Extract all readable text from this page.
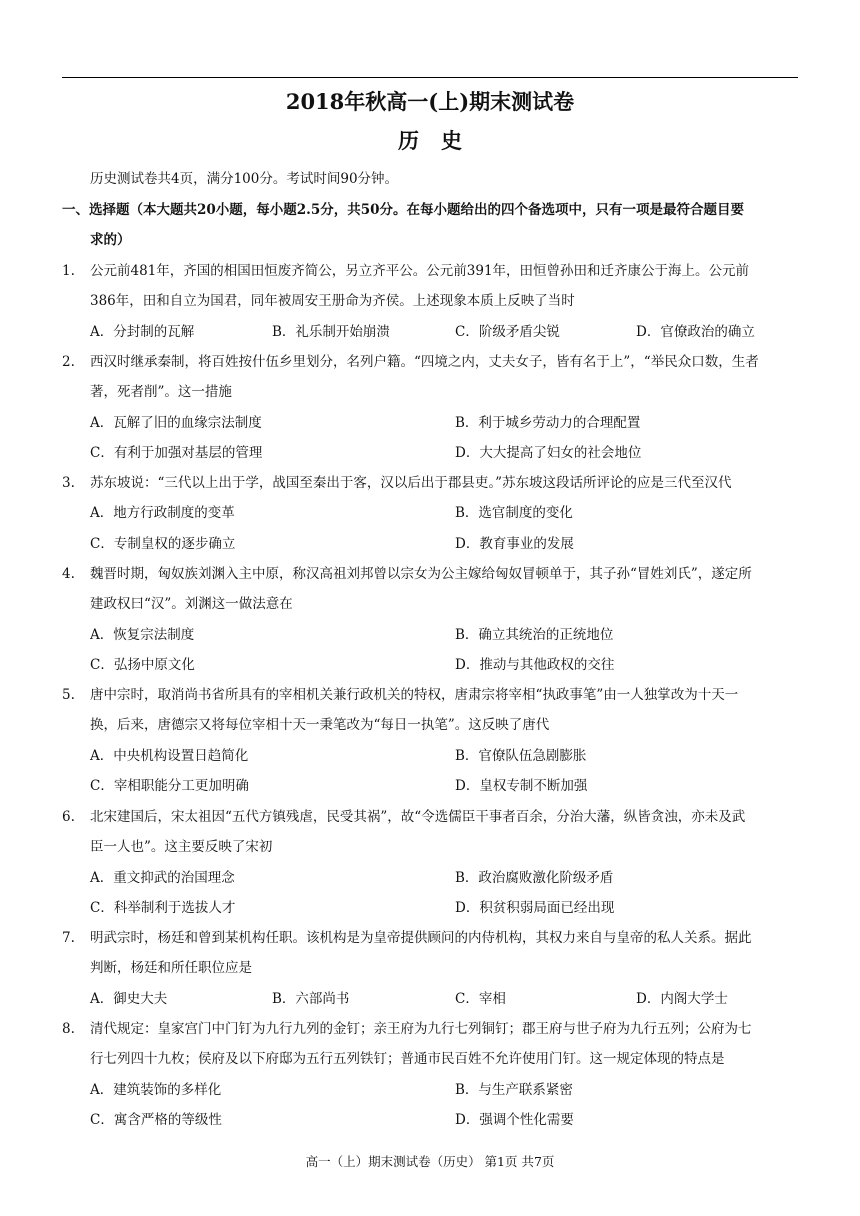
2018年秋高一(上)期末测试卷
历史
历史测试卷共4页，满分100分。考试时间90分钟。
一、选择题（本大题共20小题，每小题2.5分，共50分。在每小题给出的四个备选项中，只有一项是最符合题目要
求的）
1. 公元前481年，齐国的相国田恒废齐简公，另立齐平公。公元前391年，田恒曾孙田和迁齐康公于海上。公元前
386年，田和自立为国君，同年被周安王册命为齐侯。上述现象本质上反映了当时
A．分封制的瓦解	B．礼乐制开始崩溃	C．阶级矛盾尖锐	D．官僚政治的确立
2. 西汉时继承秦制，将百姓按什伍乡里划分，名列户籍。“四境之内，丈夫女子，皆有名于上”，“举民众口数，生者
著，死者削”。这一措施
A．瓦解了旧的血缘宗法制度	B．利于城乡劳动力的合理配置
C．有利于加强对基层的管理	D．大大提高了妇女的社会地位
3. 苏东坡说：“三代以上出于学，战国至秦出于客，汉以后出于郡县吏。”苏东坡这段话所评论的应是三代至汉代
A．地方行政制度的变革	B．选官制度的变化
C．专制皇权的逐步确立	D．教育事业的发展
4. 魏晋时期，匈奴族刘渊入主中原，称汉高祖刘邦曾以宗女为公主嫁给匈奴冒顿单于，其子孙“冒姓刘氏”，遂定所
建政权曰“汉”。刘渊这一做法意在
A．恢复宗法制度	B．确立其统治的正统地位
C．弘扬中原文化	D．推动与其他政权的交往
5. 唐中宗时，取消尚书省所具有的宰相机关兼行政机关的特权，唐肃宗将宰相“执政事笔”由一人独掌改为十天一
换，后来，唐德宗又将每位宰相十天一秉笔改为“每日一执笔”。这反映了唐代
A．中央机构设置日趋简化	B．官僚队伍急剧膨胀
C．宰相职能分工更加明确	D．皇权专制不断加强
6. 北宋建国后，宋太祖因“五代方镇残虐，民受其祸”，故“令选儒臣干事者百余，分治大藩，纵皆贪浊，亦未及武
臣一人也”。这主要反映了宋初
A．重文抑武的治国理念	B．政治腐败激化阶级矛盾
C．科举制利于选拔人才	D．积贫积弱局面已经出现
7. 明武宗时，杨廷和曾到某机构任职。该机构是为皇帝提供顾问的内侍机构，其权力来自与皇帝的私人关系。据此
判断，杨廷和所任职位应是
A．御史大夫	B．六部尚书	C．宰相	D．内阁大学士
8. 清代规定：皇家宫门中门钉为九行九列的金钉；亲王府为九行七列铜钉；郡王府与世子府为九行五列；公府为七
行七列四十九枚；侯府及以下府邸为五行五列铁钉；普通市民百姓不允许使用门钉。这一规定体现的特点是
A．建筑装饰的多样化	B．与生产联系紧密
C．寓含严格的等级性	D．强调个性化需要
高一（上）期末测试卷（历史） 第1页 共7页
